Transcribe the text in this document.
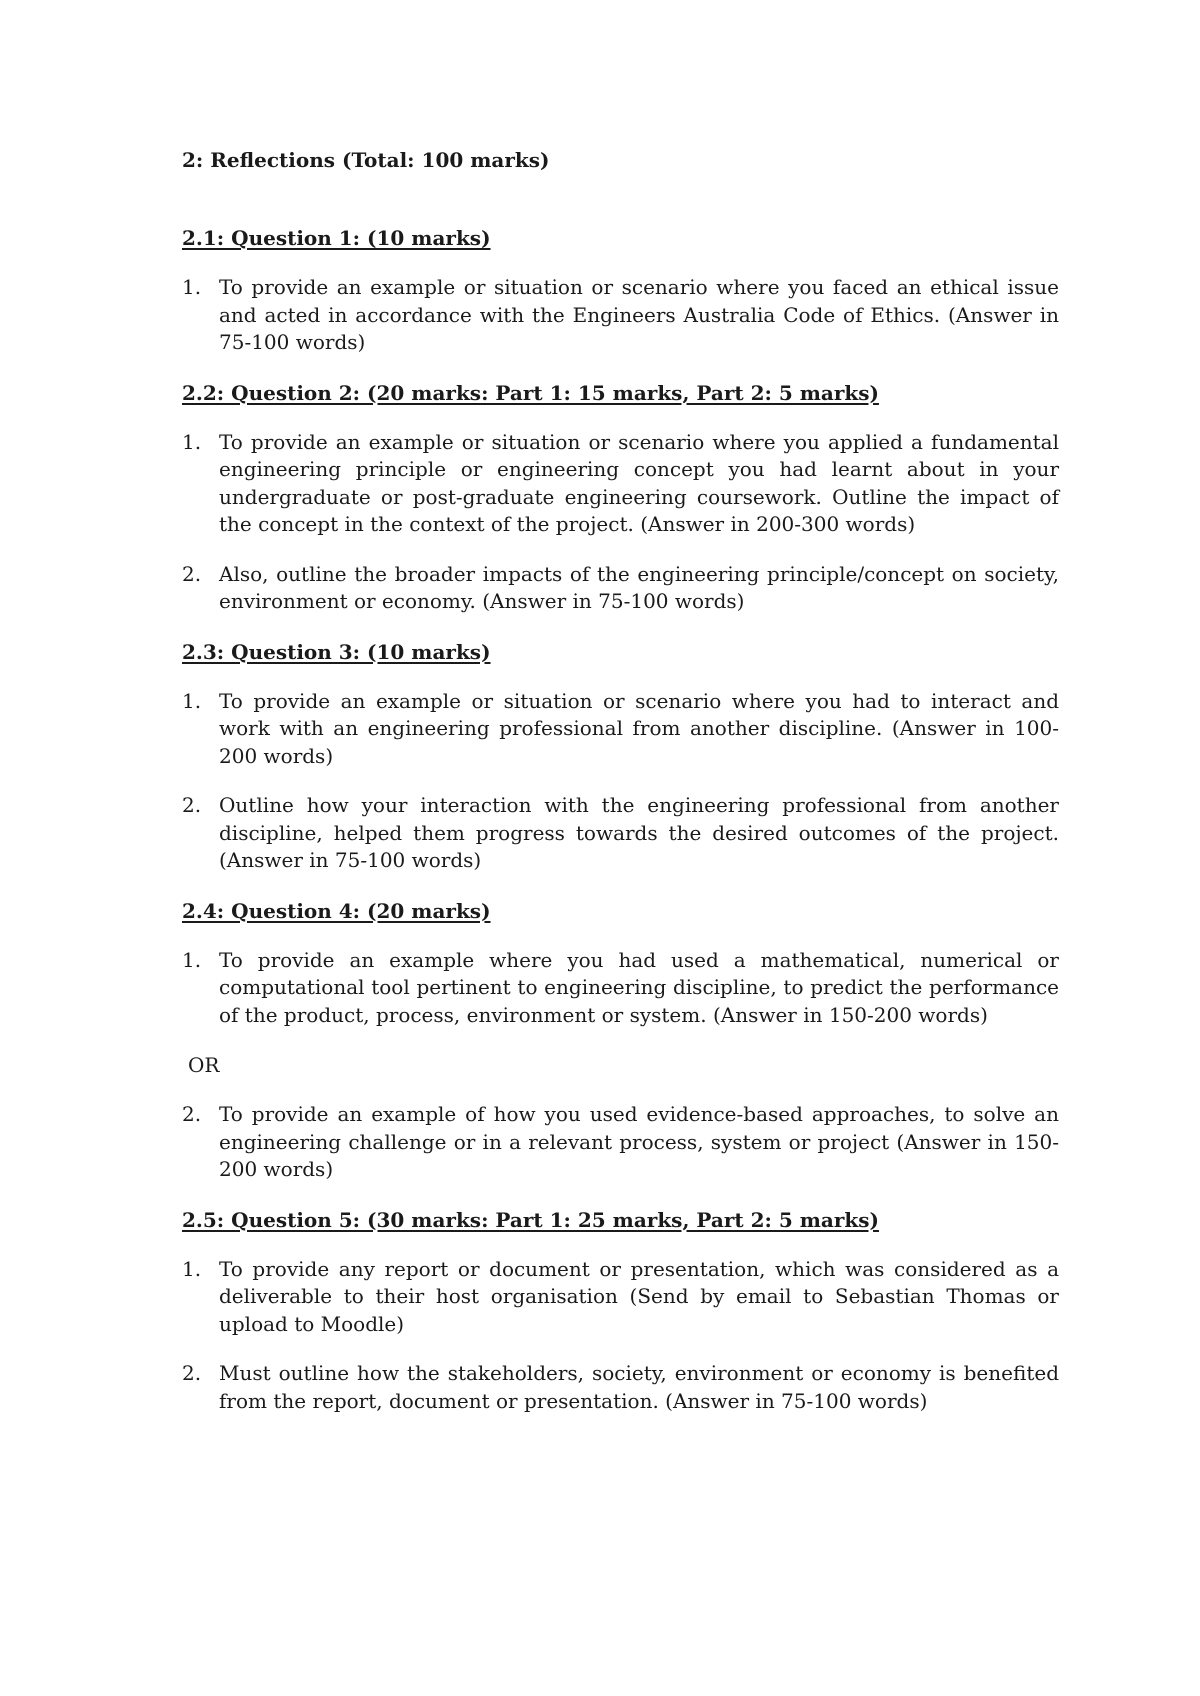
2: Reflections (Total: 100 marks)

2.1: Question 1: (10 marks)

1. To provide an example or situation or scenario where you faced an ethical issue and acted in accordance with the Engineers Australia Code of Ethics. (Answer in 75-100 words)

2.2: Question 2: (20 marks: Part 1: 15 marks, Part 2: 5 marks)

1. To provide an example or situation or scenario where you applied a fundamental engineering principle or engineering concept you had learnt about in your undergraduate or post-graduate engineering coursework. Outline the impact of the concept in the context of the project. (Answer in 200-300 words)
2. Also, outline the broader impacts of the engineering principle/concept on society, environment or economy. (Answer in 75-100 words)

2.3: Question 3: (10 marks)

1. To provide an example or situation or scenario where you had to interact and work with an engineering professional from another discipline. (Answer in 100-200 words)
2. Outline how your interaction with the engineering professional from another discipline, helped them progress towards the desired outcomes of the project. (Answer in 75-100 words)

2.4: Question 4: (20 marks)

1. To provide an example where you had used a mathematical, numerical or computational tool pertinent to engineering discipline, to predict the performance of the product, process, environment or system. (Answer in 150-200 words)

OR

2. To provide an example of how you used evidence-based approaches, to solve an engineering challenge or in a relevant process, system or project (Answer in 150-200 words)

2.5: Question 5: (30 marks: Part 1: 25 marks, Part 2: 5 marks)

1. To provide any report or document or presentation, which was considered as a deliverable to their host organisation (Send by email to Sebastian Thomas or upload to Moodle)
2. Must outline how the stakeholders, society, environment or economy is benefited from the report, document or presentation. (Answer in 75-100 words)
